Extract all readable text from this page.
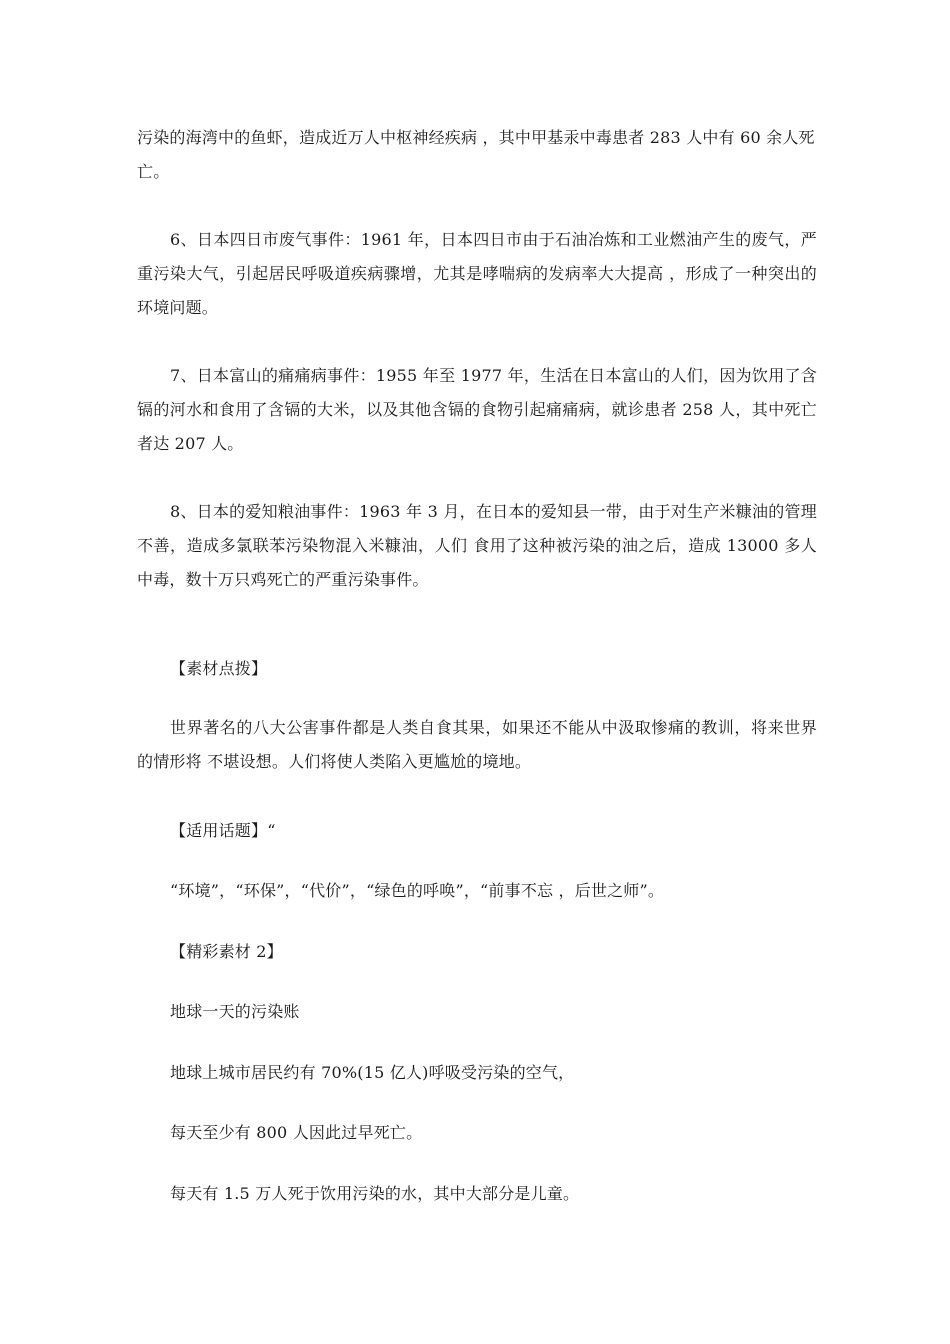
污染的海湾中的鱼虾，造成近万人中枢神经疾病 ，其中甲基汞中毒患者 283 人中有 60 余人死亡。

6、日本四日市废气事件：1961 年，日本四日市由于石油冶炼和工业燃油产生的废气，严重污染大气，引起居民呼吸道疾病骤增，尤其是哮喘病的发病率大大提高 ，形成了一种突出的环境问题。

7、日本富山的痛痛病事件：1955 年至 1977 年，生活在日本富山的人们，因为饮用了含镉的河水和食用了含镉的大米，以及其他含镉的食物引起痛痛病，就诊患者 258 人，其中死亡者达 207 人。

8、日本的爱知粮油事件：1963 年 3 月，在日本的爱知县一带，由于对生产米糠油的管理不善，造成多氯联苯污染物混入米糠油，人们 食用了这种被污染的油之后，造成 13000 多人中毒，数十万只鸡死亡的严重污染事件。

【素材点拨】

世界著名的八大公害事件都是人类自食其果，如果还不能从中汲取惨痛的教训，将来世界的情形将 不堪设想。人们将使人类陷入更尴尬的境地。

【适用话题】“

“环境”，“环保”，“代价”，“绿色的呼唤”，“前事不忘 ，后世之师”。

【精彩素材 2】

地球一天的污染账

地球上城市居民约有 70%(15 亿人)呼吸受污染的空气，

每天至少有 800 人因此过早死亡。

每天有 1.5 万人死于饮用污染的水，其中大部分是儿童。
